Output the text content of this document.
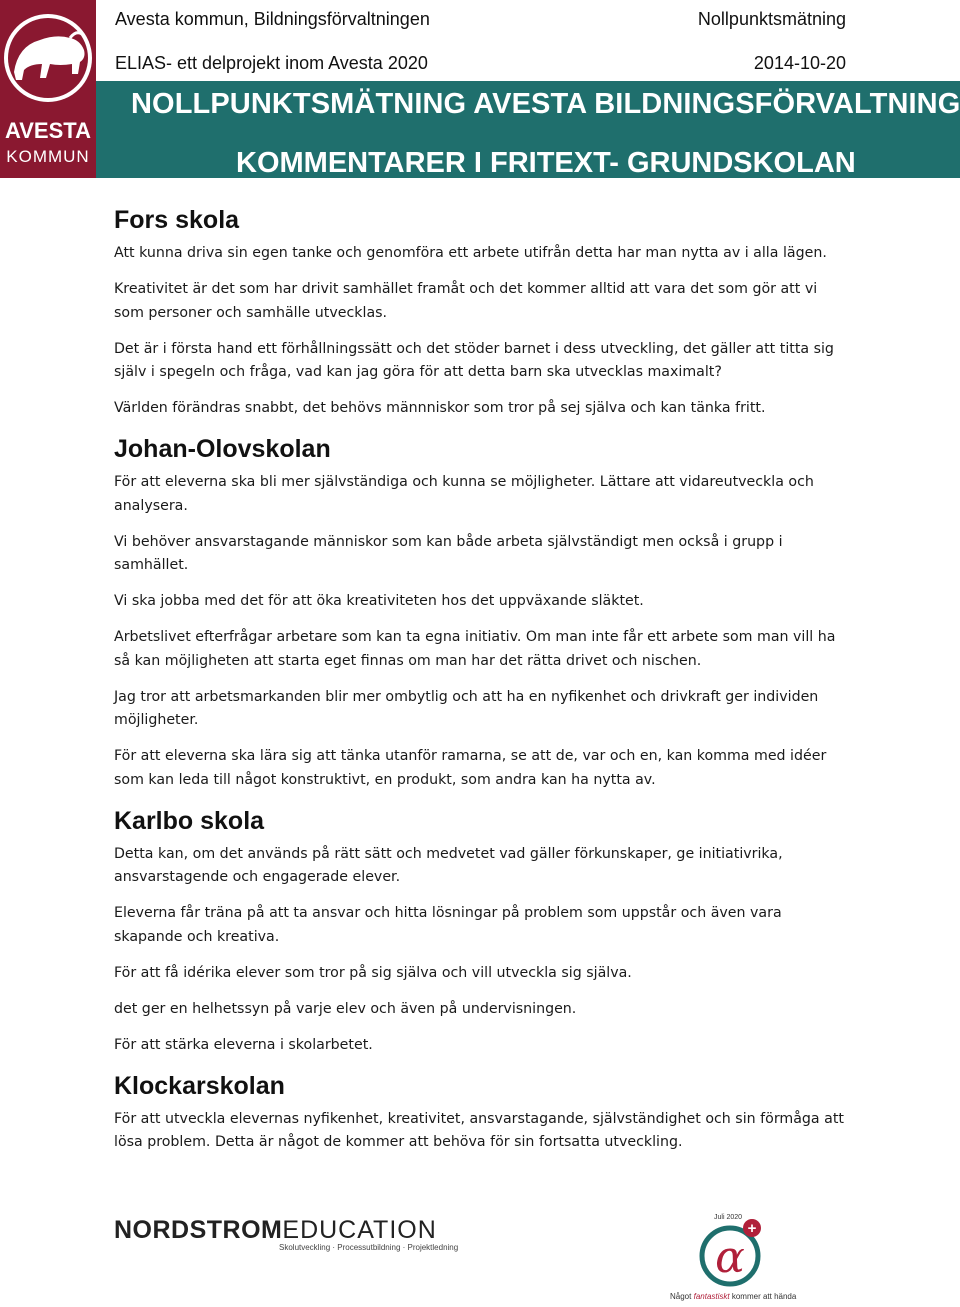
AVESTA
KOMMUN
Avesta kommun, Bildningsförvaltningen	Nollpunktsmätning
ELIAS- ett delprojekt inom Avesta 2020	2014-10-20
NOLLPUNKTSMÄTNING AVESTA BILDNINGSFÖRVALTNING
KOMMENTARER I FRITEXT- GRUNDSKOLAN
Fors skola

Att kunna driva sin egen tanke och genomföra ett arbete utifrån detta har man nytta av i alla lägen.

Kreativitet är det som har drivit samhället framåt och det kommer alltid att vara det som gör att vi som personer och samhälle utvecklas.

Det är i första hand ett förhållningssätt och det stöder barnet i dess utveckling, det gäller att titta sig själv i spegeln och fråga, vad kan jag göra för att detta barn ska utvecklas maximalt?

Världen förändras snabbt, det behövs männniskor som tror på sej själva och kan tänka fritt.

Johan-Olovskolan

För att eleverna ska bli mer självständiga och kunna se möjligheter. Lättare att vidareutveckla och analysera.

Vi behöver ansvarstagande människor som kan både arbeta självständigt men också i grupp i samhället.

Vi ska jobba med det för att öka kreativiteten hos det uppväxande släktet.

Arbetslivet efterfrågar arbetare som kan ta egna initiativ. Om man inte får ett arbete som man vill ha så kan möjligheten att starta eget finnas om man har det rätta drivet och nischen.

Jag tror att arbetsmarkanden blir mer ombytlig och att ha en nyfikenhet och drivkraft ger individen möjligheter.

För att eleverna ska lära sig att tänka utanför ramarna, se att de, var och en, kan komma med idéer som kan leda till något konstruktivt, en produkt, som andra kan ha nytta av.

Karlbo skola

Detta kan, om det används på rätt sätt och medvetet vad gäller förkunskaper, ge initiativrika, ansvarstagende och engagerade elever.

Eleverna får träna på att ta ansvar och hitta lösningar på problem som uppstår och även vara skapande och kreativa.

För att få idérika elever som tror på sig själva och vill utveckla sig själva.

det ger en helhetssyn på varje elev och även på undervisningen.

För att stärka eleverna i skolarbetet.

Klockarskolan

För att utveckla elevernas nyfikenhet, kreativitet, ansvarstagande, självständighet och sin förmåga att lösa problem. Detta är något de kommer att behöva för sin fortsatta utveckling.

NORDSTROMEDUCATION
Skolutveckling · Processutbildning · Projektledning
Juli 2020
α
+
Något fantastiskt kommer att hända
